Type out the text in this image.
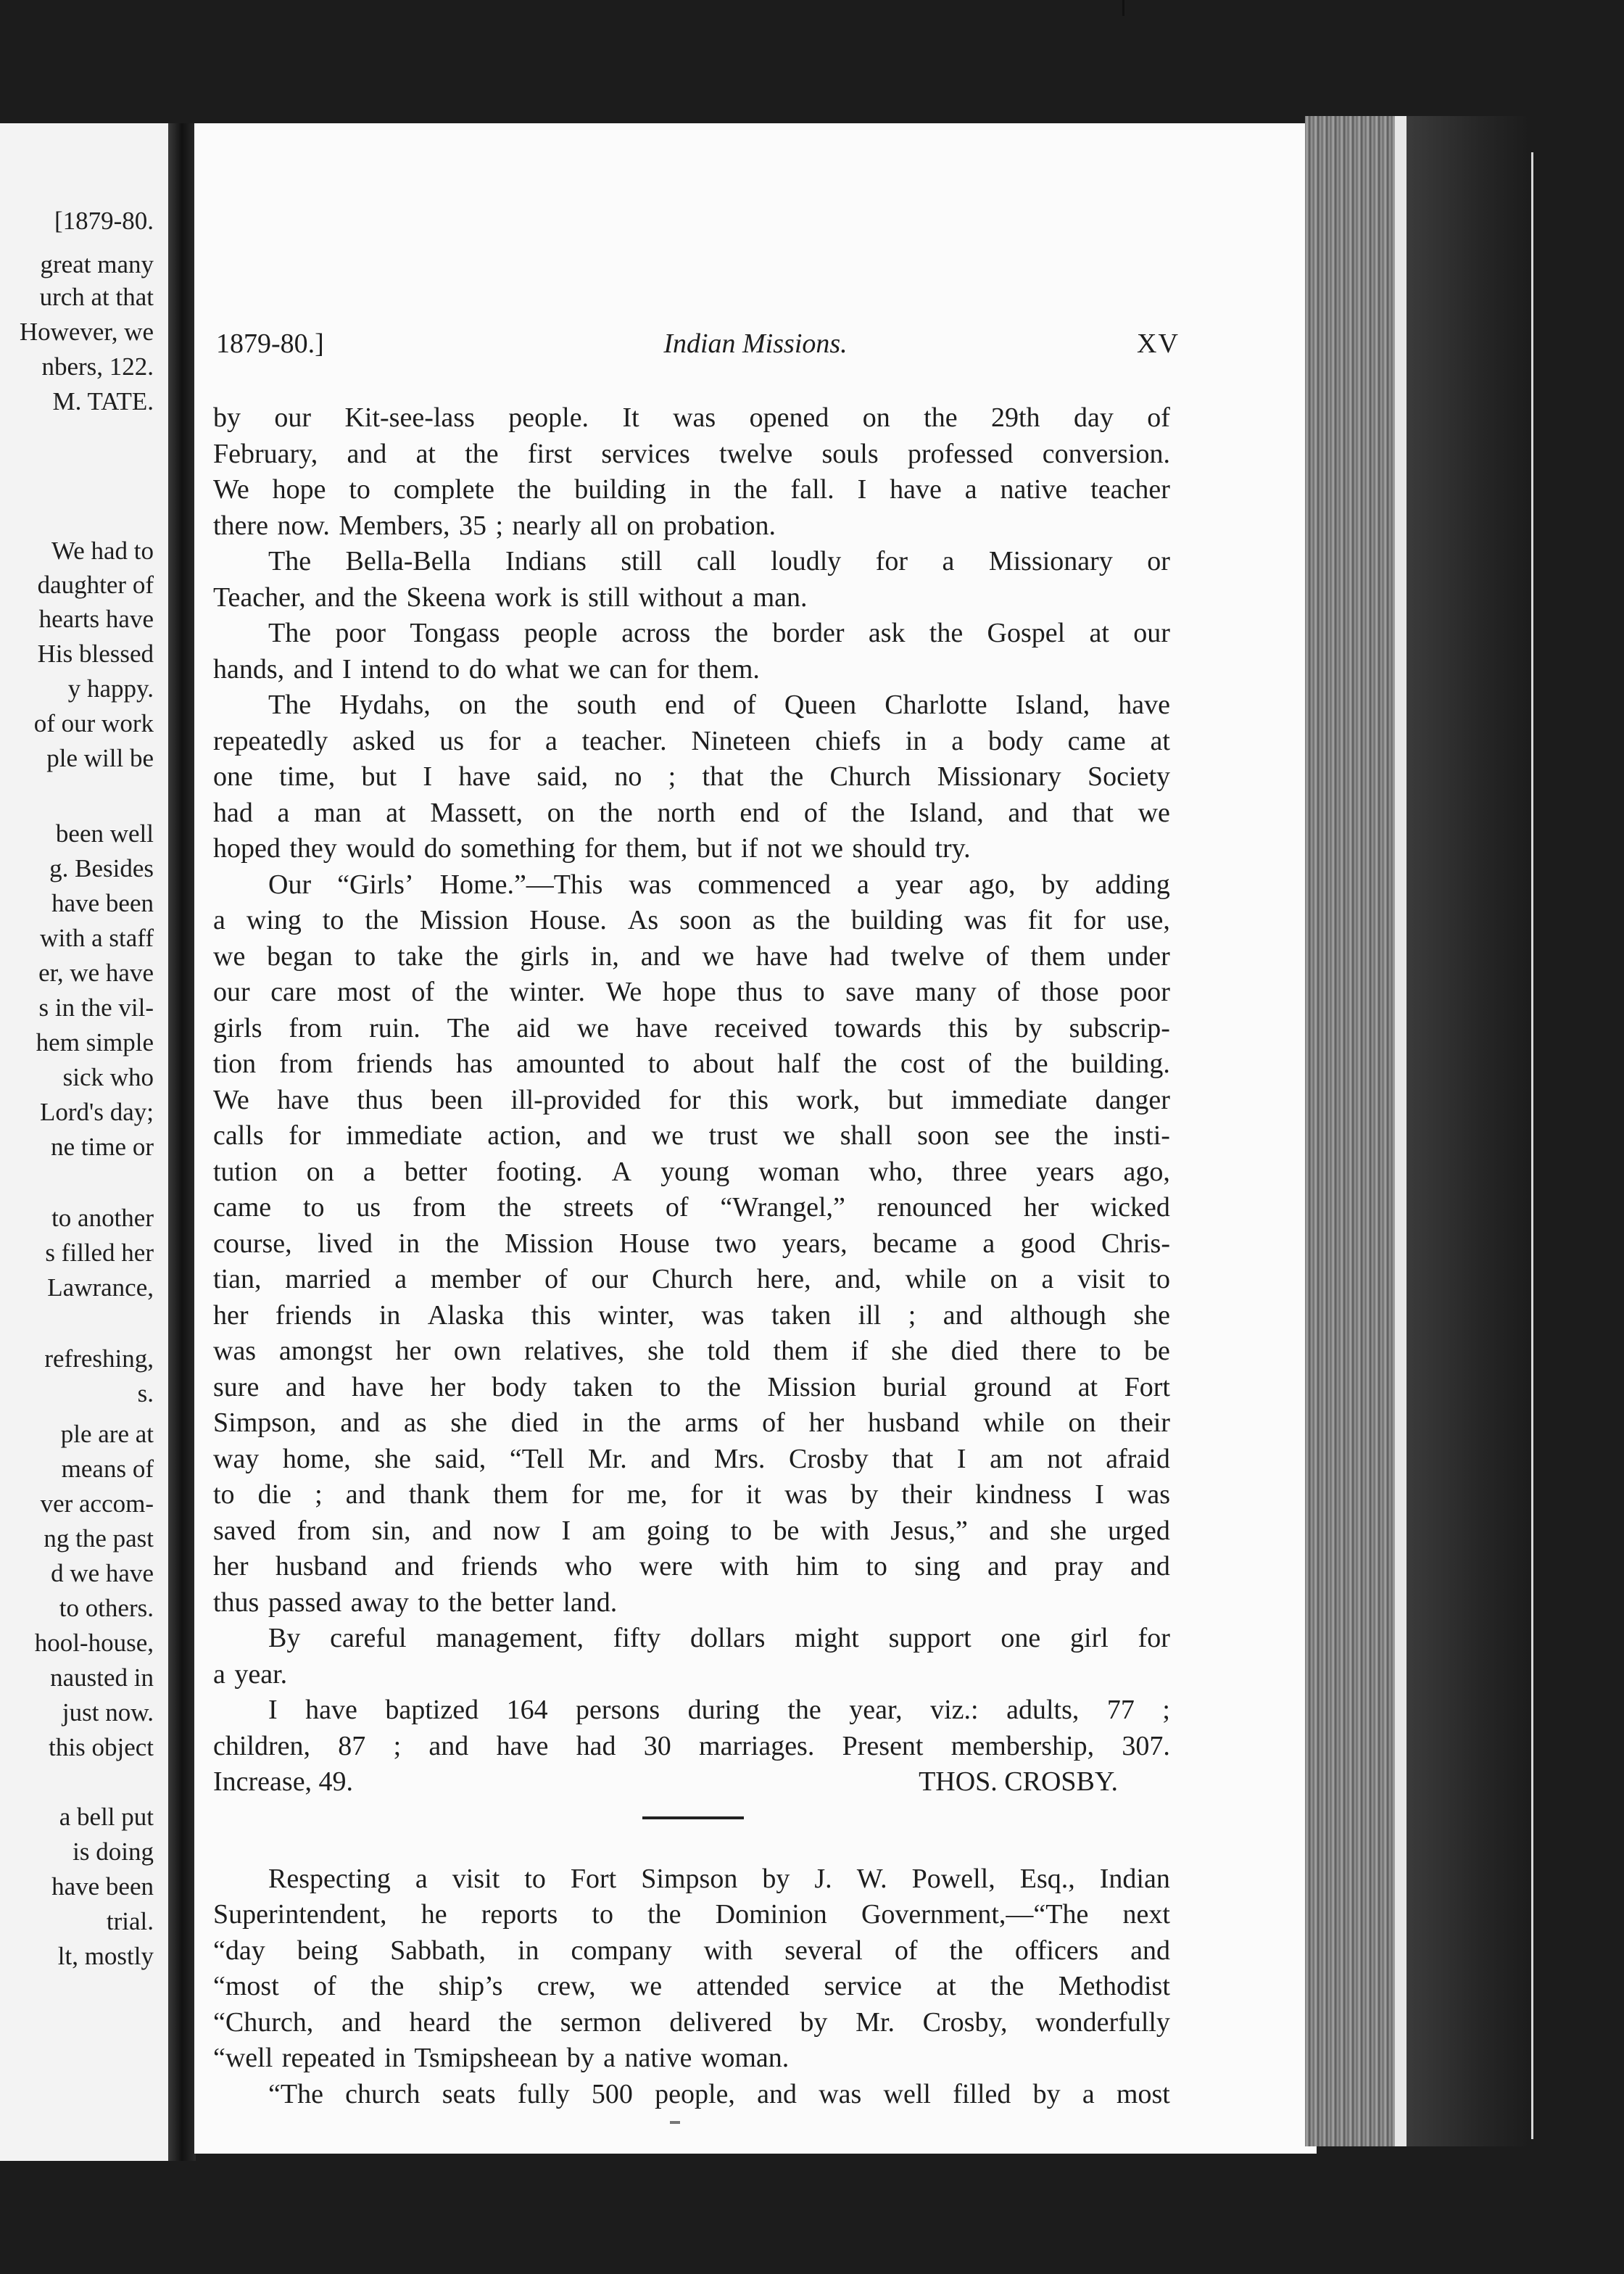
[1879-80.
great many
urch at that
However, we
nbers, 122.
M. TATE.
We had to
daughter of
hearts have
His blessed
y happy.
of our work
ple will be
been well
g. Besides
have been
with a staff
er, we have
s in the vil-
hem simple
sick who
Lord's day;
ne time or
to another
s filled her
Lawrance,
refreshing,
s.
ple are at
means of
ver accom-
ng the past
d we have
to others.
hool-house,
nausted in
just now.
this object
a bell put
is doing
have been
trial.
lt, mostly
1879-80.]	Indian Missions.	XV
by our Kit-see-lass people. It was opened on the 29th day of
February, and at the first services twelve souls professed conversion.
We hope to complete the building in the fall. I have a native teacher
there now. Members, 35 ; nearly all on probation.
The Bella-Bella Indians still call loudly for a Missionary or
Teacher, and the Skeena work is still without a man.
The poor Tongass people across the border ask the Gospel at our
hands, and I intend to do what we can for them.
The Hydahs, on the south end of Queen Charlotte Island, have
repeatedly asked us for a teacher. Nineteen chiefs in a body came at
one time, but I have said, no ; that the Church Missionary Society
had a man at Massett, on the north end of the Island, and that we
hoped they would do something for them, but if not we should try.
Our “Girls’ Home.”—This was commenced a year ago, by adding
a wing to the Mission House. As soon as the building was fit for use,
we began to take the girls in, and we have had twelve of them under
our care most of the winter. We hope thus to save many of those poor
girls from ruin. The aid we have received towards this by subscrip-
tion from friends has amounted to about half the cost of the building.
We have thus been ill-provided for this work, but immediate danger
calls for immediate action, and we trust we shall soon see the insti-
tution on a better footing. A young woman who, three years ago,
came to us from the streets of “Wrangel,” renounced her wicked
course, lived in the Mission House two years, became a good Chris-
tian, married a member of our Church here, and, while on a visit to
her friends in Alaska this winter, was taken ill ; and although she
was amongst her own relatives, she told them if she died there to be
sure and have her body taken to the Mission burial ground at Fort
Simpson, and as she died in the arms of her husband while on their
way home, she said, “Tell Mr. and Mrs. Crosby that I am not afraid
to die ; and thank them for me, for it was by their kindness I was
saved from sin, and now I am going to be with Jesus,” and she urged
her husband and friends who were with him to sing and pray and
thus passed away to the better land.
By careful management, fifty dollars might support one girl for
a year.
I have baptized 164 persons during the year, viz.: adults, 77 ;
children, 87 ; and have had 30 marriages. Present membership, 307.
Increase, 49.	THOS. CROSBY.
Respecting a visit to Fort Simpson by J. W. Powell, Esq., Indian
Superintendent, he reports to the Dominion Government,—“The next
“day being Sabbath, in company with several of the officers and
“most of the ship’s crew, we attended service at the Methodist
“Church, and heard the sermon delivered by Mr. Crosby, wonderfully
“well repeated in Tsmipsheean by a native woman.
“The church seats fully 500 people, and was well filled by a most
